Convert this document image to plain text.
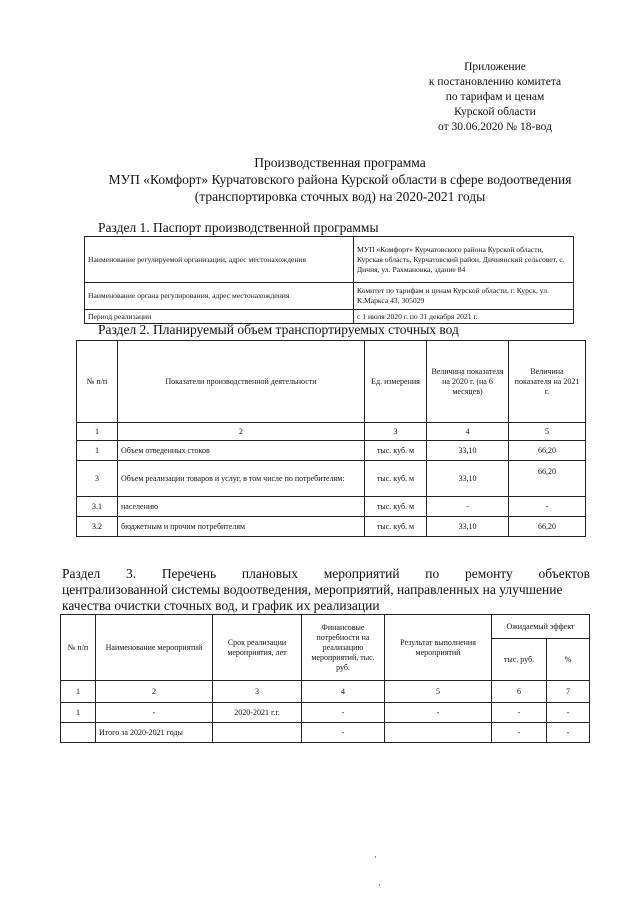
Приложение
к постановлению комитета
по тарифам и ценам
Курской области
от 30.06.2020 № 18-вод
Производственная программа
МУП «Комфорт» Курчатовского района Курской области в сфере водоотведения
(транспортировка сточных вод) на 2020-2021 годы
Раздел 1. Паспорт производственной программы
Наименование регулируемой организации, адрес местонахождения	МУП «Комфорт» Курчатовского района Курской области, Курская область, Курчатовский район, Дичнянский сельсовет, с. Дичня, ул. Рахмановка, здание 84
Наименование органа регулирования, адрес местонахождения	Комитет по тарифам и ценам Курской области, г. Курск, ул. К.Маркса 43, 305029
Период реализации	с 1 июля 2020 г. по 31 декабря 2021 г.
Раздел 2. Планируемый объем транспортируемых сточных вод
№ п/п	Показатели производственной деятельности	Ед. измерения	Величина показателя на 2020 г. (на 6 месяцев)	Величина показателя на 2021 г.
1	2	3	4	5
1	Объем отведенных стоков	тыс. куб. м	33,10	66,20
3	Объем реализации товаров и услуг, в том числе по потребителям:	тыс. куб. м	33,10	66,20
3.1	населению	тыс. куб. м	-	-
3.2	бюджетным и прочим потребителям	тыс. куб. м	33,10	66,20
Раздел 3. Перечень плановых мероприятий по ремонту объектов
централизованной системы водоотведения, мероприятий, направленных на улучшение
качества очистки сточных вод, и график их реализации
№ п/п	Наименование мероприятий	Срок реализации мероприятия, лет	Финансовые потребности на реализацию мероприятий, тыс. руб.	Результат выполнения мероприятий	Ожидаемый эффект	
					тыс. руб.	%
1	2	3	4	5	6	7
1	-	2020-2021 г.г.	-	-	-	-
	Итого за 2020-2021 годы		-		-	-
·
·
